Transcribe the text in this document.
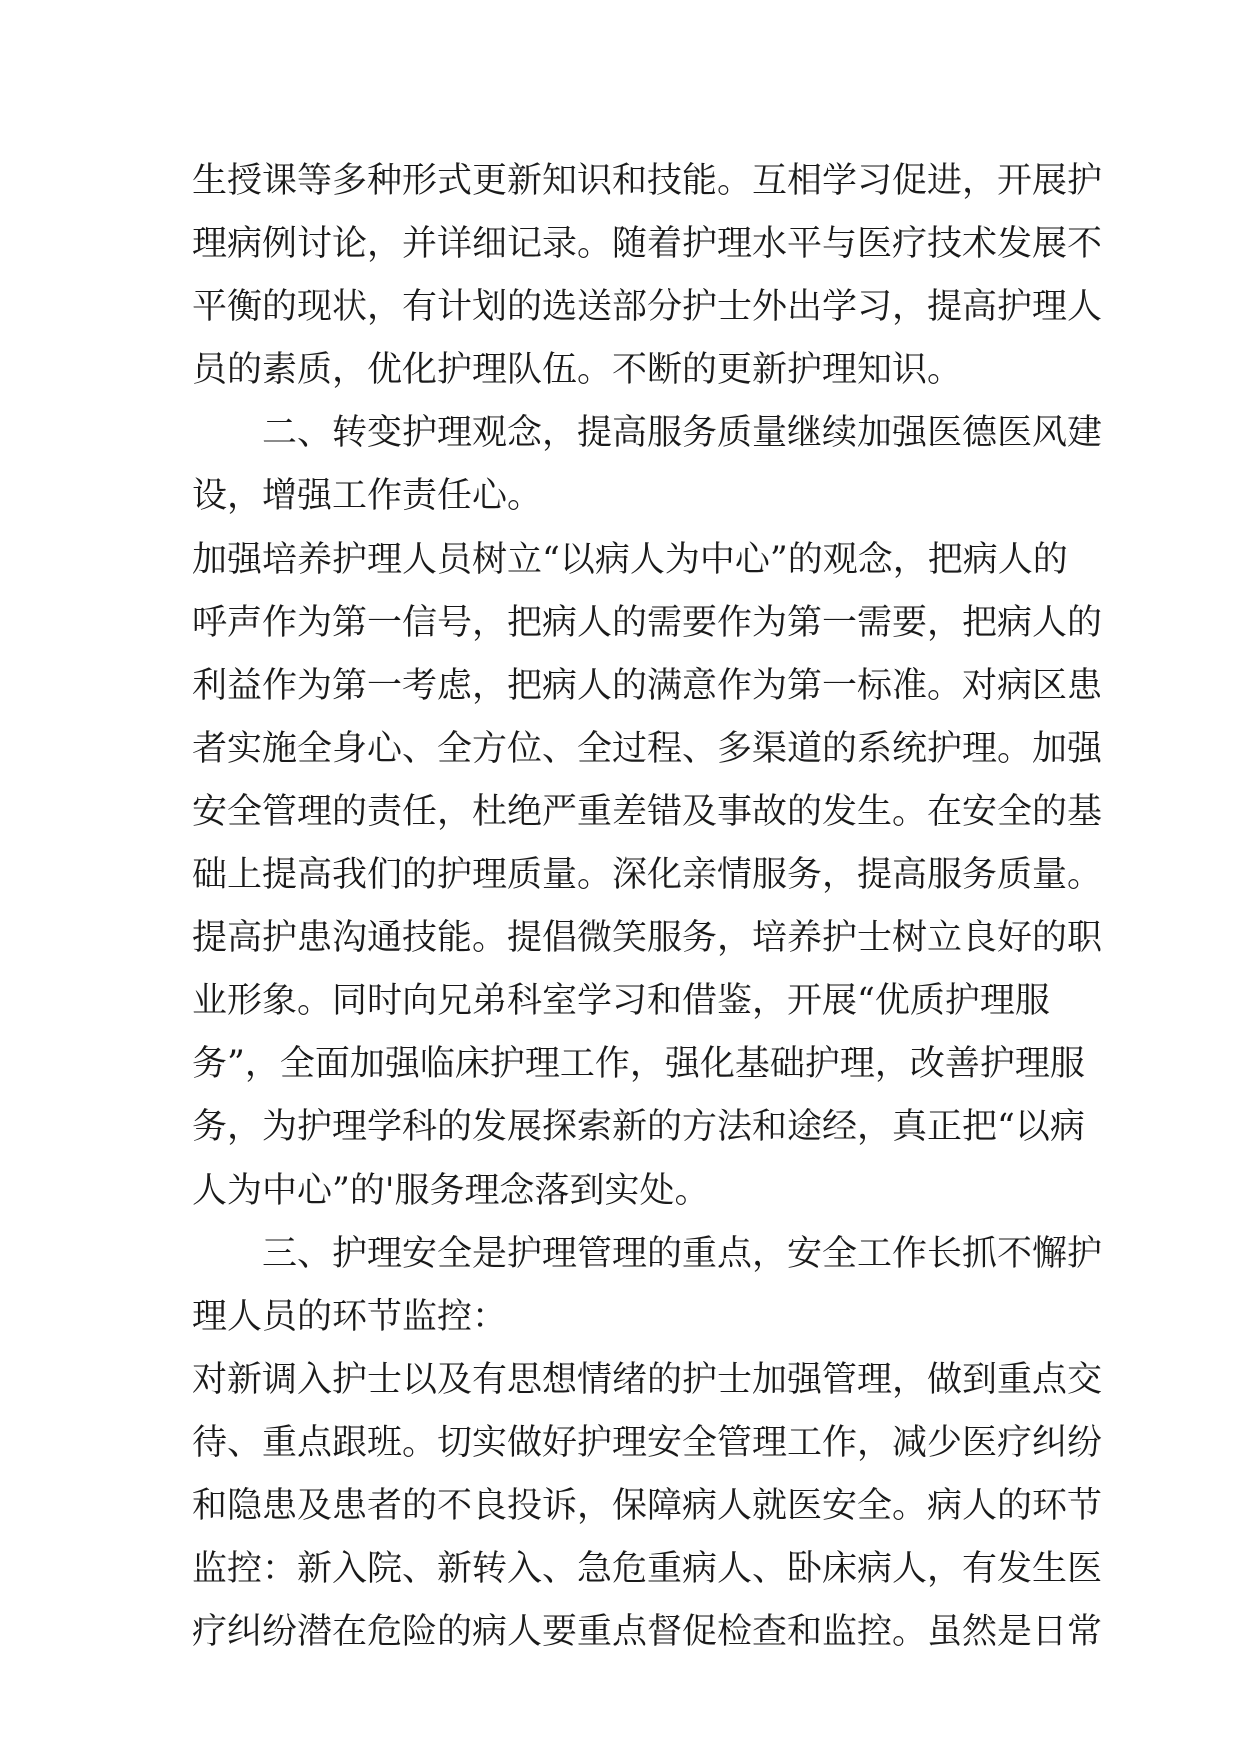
生授课等多种形式更新知识和技能。互相学习促进，开展护
理病例讨论，并详细记录。随着护理水平与医疗技术发展不
平衡的现状，有计划的选送部分护士外出学习，提高护理人
员的素质，优化护理队伍。不断的更新护理知识。
二、转变护理观念，提高服务质量继续加强医德医风建
设，增强工作责任心。
加强培养护理人员树立“以病人为中心”的观念，把病人的
呼声作为第一信号，把病人的需要作为第一需要，把病人的
利益作为第一考虑，把病人的满意作为第一标准。对病区患
者实施全身心、全方位、全过程、多渠道的系统护理。加强
安全管理的责任，杜绝严重差错及事故的发生。在安全的基
础上提高我们的护理质量。深化亲情服务，提高服务质量。
提高护患沟通技能。提倡微笑服务，培养护士树立良好的职
业形象。同时向兄弟科室学习和借鉴，开展“优质护理服
务”，全面加强临床护理工作，强化基础护理，改善护理服
务，为护理学科的发展探索新的方法和途经，真正把“以病
人为中心”的'服务理念落到实处。
三、护理安全是护理管理的重点，安全工作长抓不懈护
理人员的环节监控：
对新调入护士以及有思想情绪的护士加强管理，做到重点交
待、重点跟班。切实做好护理安全管理工作，减少医疗纠纷
和隐患及患者的不良投诉，保障病人就医安全。病人的环节
监控：新入院、新转入、急危重病人、卧床病人，有发生医
疗纠纷潜在危险的病人要重点督促检查和监控。虽然是日常
